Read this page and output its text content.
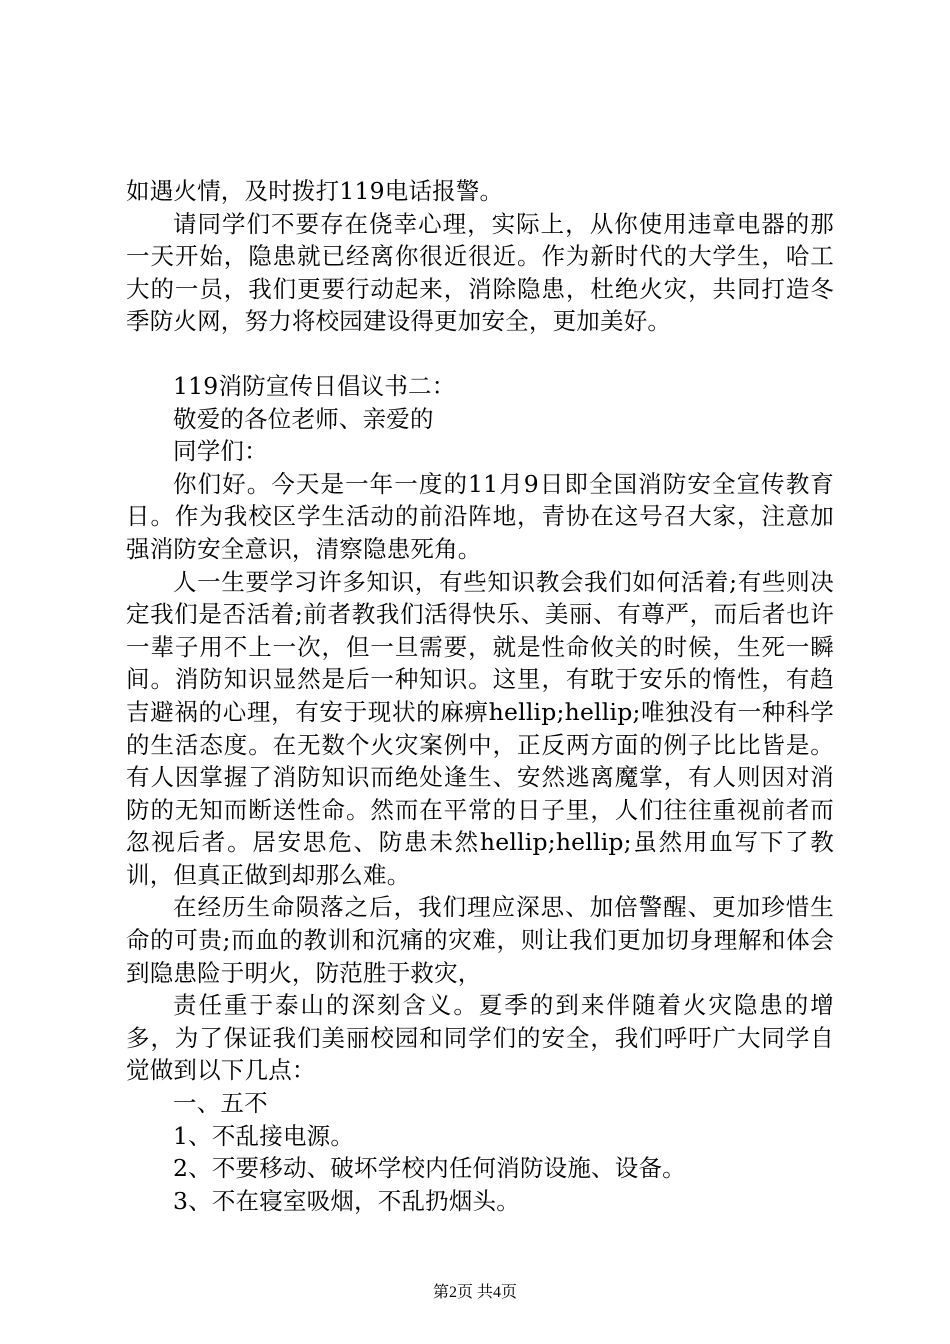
如遇火情，及时拨打119电话报警。

请同学们不要存在侥幸心理，实际上，从你使用违章电器的那一天开始，隐患就已经离你很近很近。作为新时代的大学生，哈工大的一员，我们更要行动起来，消除隐患，杜绝火灾，共同打造冬季防火网，努力将校园建设得更加安全，更加美好。

119消防宣传日倡议书二：

敬爱的各位老师、亲爱的

同学们：

你们好。今天是一年一度的11月9日即全国消防安全宣传教育日。作为我校区学生活动的前沿阵地，青协在这号召大家，注意加强消防安全意识，清察隐患死角。

人一生要学习许多知识，有些知识教会我们如何活着;有些则决定我们是否活着;前者教我们活得快乐、美丽、有尊严，而后者也许一辈子用不上一次，但一旦需要，就是性命攸关的时候，生死一瞬间。消防知识显然是后一种知识。这里，有耽于安乐的惰性，有趋吉避祸的心理，有安于现状的麻痹hellip;hellip;唯独没有一种科学的生活态度。在无数个火灾案例中，正反两方面的例子比比皆是。有人因掌握了消防知识而绝处逢生、安然逃离魔掌，有人则因对消防的无知而断送性命。然而在平常的日子里，人们往往重视前者而忽视后者。居安思危、防患未然hellip;hellip;虽然用血写下了教训，但真正做到却那么难。

在经历生命陨落之后，我们理应深思、加倍警醒、更加珍惜生命的可贵;而血的教训和沉痛的灾难，则让我们更加切身理解和体会到隐患险于明火，防范胜于救灾，

责任重于泰山的深刻含义。夏季的到来伴随着火灾隐患的增多，为了保证我们美丽校园和同学们的安全，我们呼吁广大同学自觉做到以下几点：

一、五不

1、不乱接电源。

2、不要移动、破坏学校内任何消防设施、设备。

3、不在寝室吸烟，不乱扔烟头。

第2页 共4页
